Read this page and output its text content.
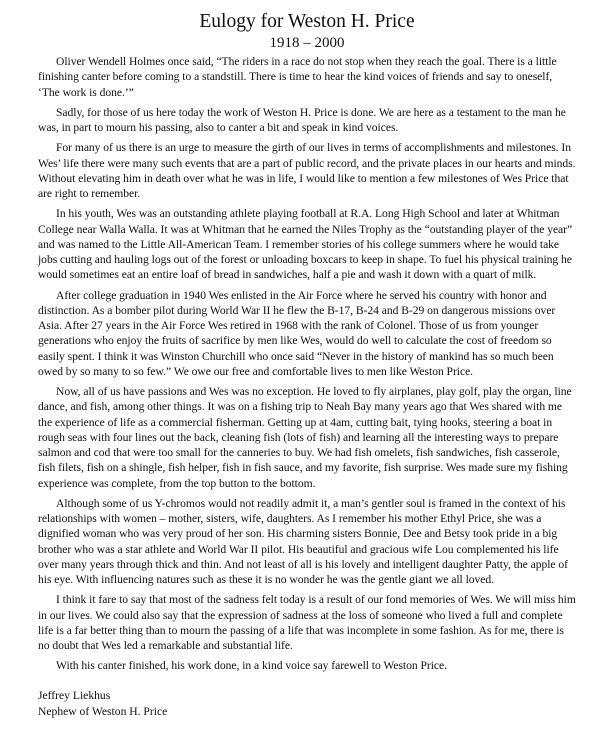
Eulogy for Weston H. Price
1918 – 2000

Oliver Wendell Holmes once said, “The riders in a race do not stop when they reach the goal. There is a little finishing canter before coming to a standstill. There is time to hear the kind voices of friends and say to oneself, ‘The work is done.’”

Sadly, for those of us here today the work of Weston H. Price is done. We are here as a testament to the man he was, in part to mourn his passing, also to canter a bit and speak in kind voices.

For many of us there is an urge to measure the girth of our lives in terms of accomplishments and milestones. In Wes’ life there were many such events that are a part of public record, and the private places in our hearts and minds. Without elevating him in death over what he was in life, I would like to mention a few milestones of Wes Price that are right to remember.

In his youth, Wes was an outstanding athlete playing football at R.A. Long High School and later at Whitman College near Walla Walla. It was at Whitman that he earned the Niles Trophy as the “outstanding player of the year” and was named to the Little All-American Team. I remember stories of his college summers where he would take jobs cutting and hauling logs out of the forest or unloading boxcars to keep in shape. To fuel his physical training he would sometimes eat an entire loaf of bread in sandwiches, half a pie and wash it down with a quart of milk.

After college graduation in 1940 Wes enlisted in the Air Force where he served his country with honor and distinction. As a bomber pilot during World War II he flew the B-17, B-24 and B-29 on dangerous missions over Asia. After 27 years in the Air Force Wes retired in 1968 with the rank of Colonel. Those of us from younger generations who enjoy the fruits of sacrifice by men like Wes, would do well to calculate the cost of freedom so easily spent. I think it was Winston Churchill who once said “Never in the history of mankind has so much been owed by so many to so few.” We owe our free and comfortable lives to men like Weston Price.

Now, all of us have passions and Wes was no exception. He loved to fly airplanes, play golf, play the organ, line dance, and fish, among other things. It was on a fishing trip to Neah Bay many years ago that Wes shared with me the experience of life as a commercial fisherman. Getting up at 4am, cutting bait, tying hooks, steering a boat in rough seas with four lines out the back, cleaning fish (lots of fish) and learning all the interesting ways to prepare salmon and cod that were too small for the canneries to buy. We had fish omelets, fish sandwiches, fish casserole, fish filets, fish on a shingle, fish helper, fish in fish sauce, and my favorite, fish surprise. Wes made sure my fishing experience was complete, from the top button to the bottom.

Although some of us Y-chromos would not readily admit it, a man’s gentler soul is framed in the context of his relationships with women – mother, sisters, wife, daughters. As I remember his mother Ethyl Price, she was a dignified woman who was very proud of her son. His charming sisters Bonnie, Dee and Betsy took pride in a big brother who was a star athlete and World War II pilot. His beautiful and gracious wife Lou complemented his life over many years through thick and thin. And not least of all is his lovely and intelligent daughter Patty, the apple of his eye. With influencing natures such as these it is no wonder he was the gentle giant we all loved.

I think it fare to say that most of the sadness felt today is a result of our fond memories of Wes. We will miss him in our lives. We could also say that the expression of sadness at the loss of someone who lived a full and complete life is a far better thing than to mourn the passing of a life that was incomplete in some fashion. As for me, there is no doubt that Wes led a remarkable and substantial life.

With his canter finished, his work done, in a kind voice say farewell to Weston Price.

Jeffrey Liekhus
Nephew of Weston H. Price
